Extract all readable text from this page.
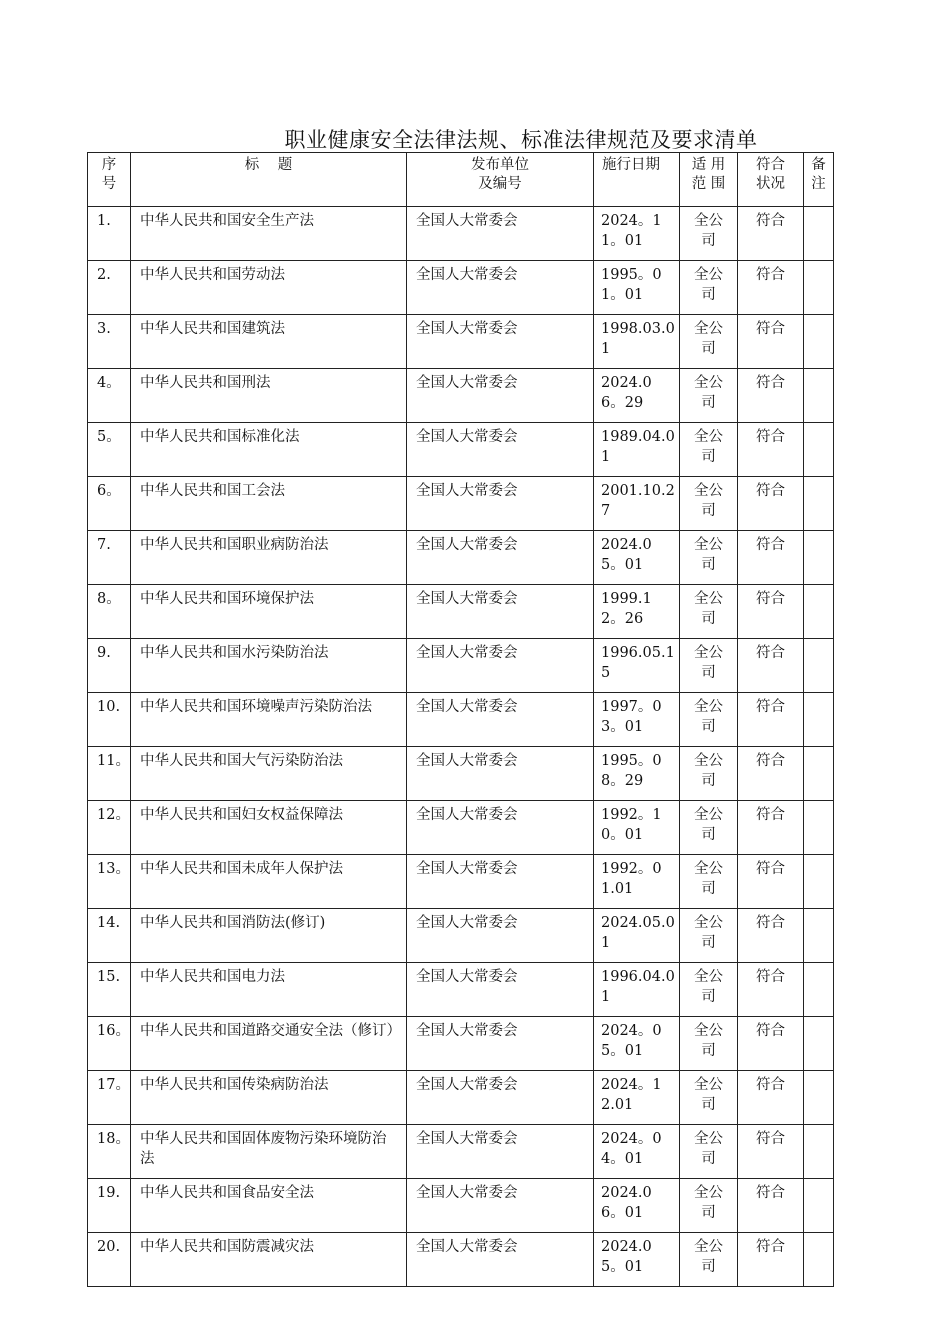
职业健康安全法律法规、标准法律规范及要求清单
序号	标    题	发布单位及编号	施行日期	适 用范 围	符合状况	备注

1.	中华人民共和国安全生产法	全国人大常委会	2024。11。01	全公司	符合	

2.	中华人民共和国劳动法	全国人大常委会	1995。01。01	全公司	符合	

3.	中华人民共和国建筑法	全国人大常委会	1998.03.01	全公司	符合	

4。	中华人民共和国刑法	全国人大常委会	2024.06。29	全公司	符合	

5。	中华人民共和国标准化法	全国人大常委会	1989.04.01	全公司	符合	

6。	中华人民共和国工会法	全国人大常委会	2001.10.27	全公司	符合	

7.	中华人民共和国职业病防治法	全国人大常委会	2024.05。01	全公司	符合	

8。	中华人民共和国环境保护法	全国人大常委会	1999.12。26	全公司	符合	

9.	中华人民共和国水污染防治法	全国人大常委会	1996.05.15	全公司	符合	

10.	中华人民共和国环境噪声污染防治法	全国人大常委会	1997。03。01	全公司	符合	

11。	中华人民共和国大气污染防治法	全国人大常委会	1995。08。29	全公司	符合	

12。	中华人民共和国妇女权益保障法	全国人大常委会	1992。10。01	全公司	符合	

13。	中华人民共和国未成年人保护法	全国人大常委会	1992。01.01	全公司	符合	

14.	中华人民共和国消防法(修订)	全国人大常委会	2024.05.01	全公司	符合	

15.	中华人民共和国电力法	全国人大常委会	1996.04.01	全公司	符合	

16。	中华人民共和国道路交通安全法（修订）	全国人大常委会	2024。05。01	全公司	符合	

17。	中华人民共和国传染病防治法	全国人大常委会	2024。12.01	全公司	符合	

18。	中华人民共和国固体废物污染环境防治法	全国人大常委会	2024。04。01	全公司	符合	

19.	中华人民共和国食品安全法	全国人大常委会	2024.06。01	全公司	符合	

20.	中华人民共和国防震减灾法	全国人大常委会	2024.05。01	全公司	符合	
